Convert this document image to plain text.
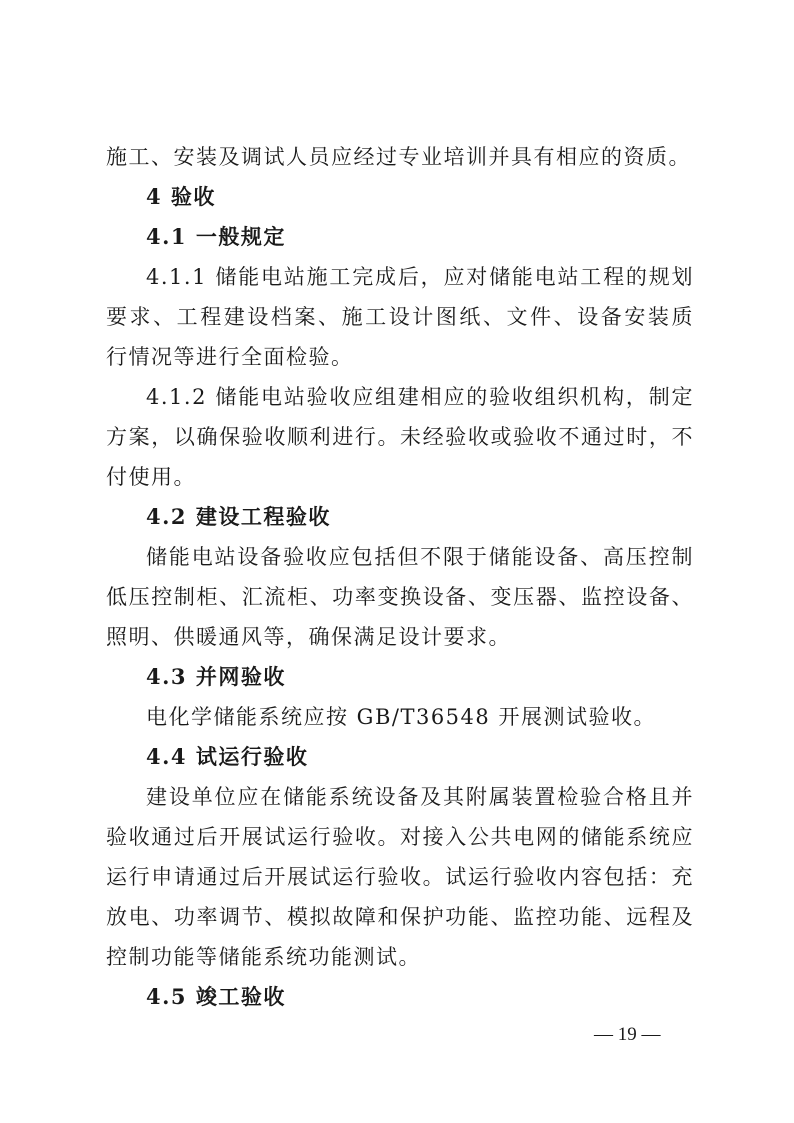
施工、安装及调试人员应经过专业培训并具有相应的资质。
4 验收
4.1 一般规定
4.1.1 储能电站施工完成后，应对储能电站工程的规划
要求、工程建设档案、施工设计图纸、文件、设备安装质
行情况等进行全面检验。
4.1.2 储能电站验收应组建相应的验收组织机构，制定
方案，以确保验收顺利进行。未经验收或验收不通过时，不
付使用。
4.2 建设工程验收
储能电站设备验收应包括但不限于储能设备、高压控制
低压控制柜、汇流柜、功率变换设备、变压器、监控设备、
照明、供暖通风等，确保满足设计要求。
4.3 并网验收
电化学储能系统应按 GB/T36548 开展测试验收。
4.4 试运行验收
建设单位应在储能系统设备及其附属装置检验合格且并
验收通过后开展试运行验收。对接入公共电网的储能系统应
运行申请通过后开展试运行验收。试运行验收内容包括：充
放电、功率调节、模拟故障和保护功能、监控功能、远程及
控制功能等储能系统功能测试。
4.5 竣工验收
— 19 —
